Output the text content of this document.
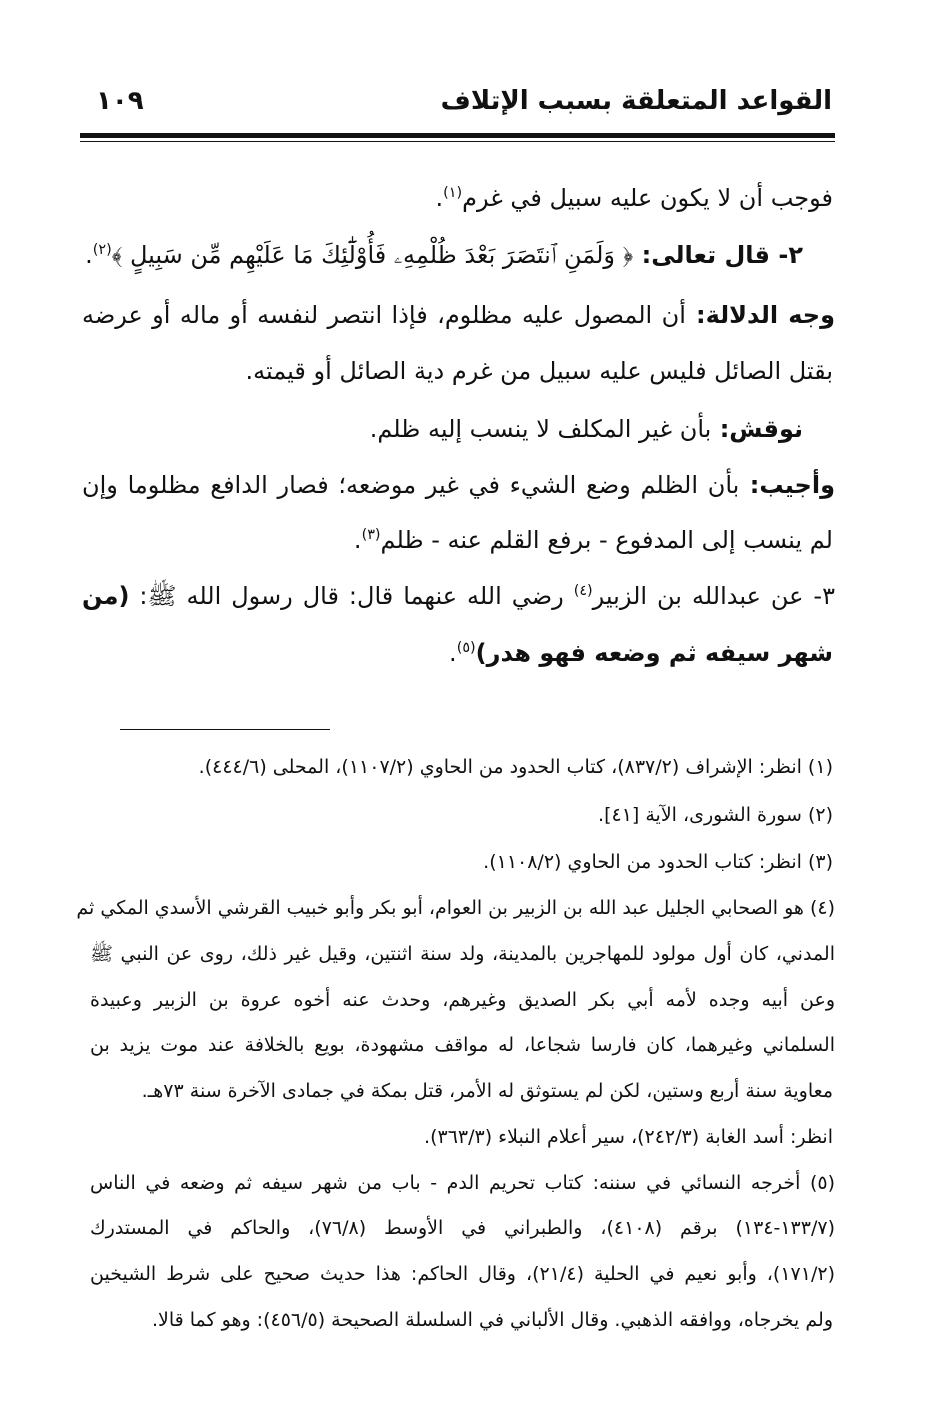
القواعد المتعلقة بسبب الإتلاف
١٠٩
فوجب أن لا يكون عليه سبيل في غرم$^{(١)}$.
٢- قال تعالى: ﴿ وَلَمَنِ ٱنتَصَرَ بَعْدَ ظُلْمِهِۦ فَأُوْلَٰٓئِكَ مَا عَلَيْهِم مِّن سَبِيلٍ ﴾$^{(٢)}$.
وجه الدلالة: أن المصول عليه مظلوم، فإذا انتصر لنفسه أو ماله أو عرضه
بقتل الصائل فليس عليه سبيل من غرم دية الصائل أو قيمته.
نوقش: بأن غير المكلف لا ينسب إليه ظلم.
وأجيب: بأن الظلم وضع الشيء في غير موضعه؛ فصار الدافع مظلوما وإن
لم ينسب إلى المدفوع - برفع القلم عنه - ظلم$^{(٣)}$.
٣- عن عبدالله بن الزبير$^{(٤)}$ رضي الله عنهما قال: قال رسول الله ﷺ: (من
شهر سيفه ثم وضعه فهو هدر)$^{(٥)}$.
(١) انظر: الإشراف (٨٣٧/٢)، كتاب الحدود من الحاوي (١١٠٧/٢)، المحلى (٤٤٤/٦).
(٢) سورة الشورى، الآية [٤١].
(٣) انظر: كتاب الحدود من الحاوي (١١٠٨/٢).
(٤) هو الصحابي الجليل عبد الله بن الزبير بن العوام، أبو بكر وأبو خبيب القرشي الأسدي المكي ثم
المدني، كان أول مولود للمهاجرين بالمدينة، ولد سنة اثنتين، وقيل غير ذلك، روى عن النبي ﷺ
وعن أبيه وجده لأمه أبي بكر الصديق وغيرهم، وحدث عنه أخوه عروة بن الزبير وعبيدة
السلماني وغيرهما، كان فارسا شجاعا، له مواقف مشهودة، بويع بالخلافة عند موت يزيد بن
معاوية سنة أربع وستين، لكن لم يستوثق له الأمر، قتل بمكة في جمادى الآخرة سنة ٧٣هـ.
انظر: أسد الغابة (٢٤٢/٣)، سير أعلام النبلاء (٣٦٣/٣).
(٥) أخرجه النسائي في سننه: كتاب تحريم الدم - باب من شهر سيفه ثم وضعه في الناس
(١٣٣/٧-١٣٤) برقم (٤١٠٨)، والطبراني في الأوسط (٧٦/٨)، والحاكم في المستدرك
(١٧١/٢)، وأبو نعيم في الحلية (٢١/٤)، وقال الحاكم: هذا حديث صحيح على شرط الشيخين
ولم يخرجاه، ووافقه الذهبي. وقال الألباني في السلسلة الصحيحة (٤٥٦/٥): وهو كما قالا.
